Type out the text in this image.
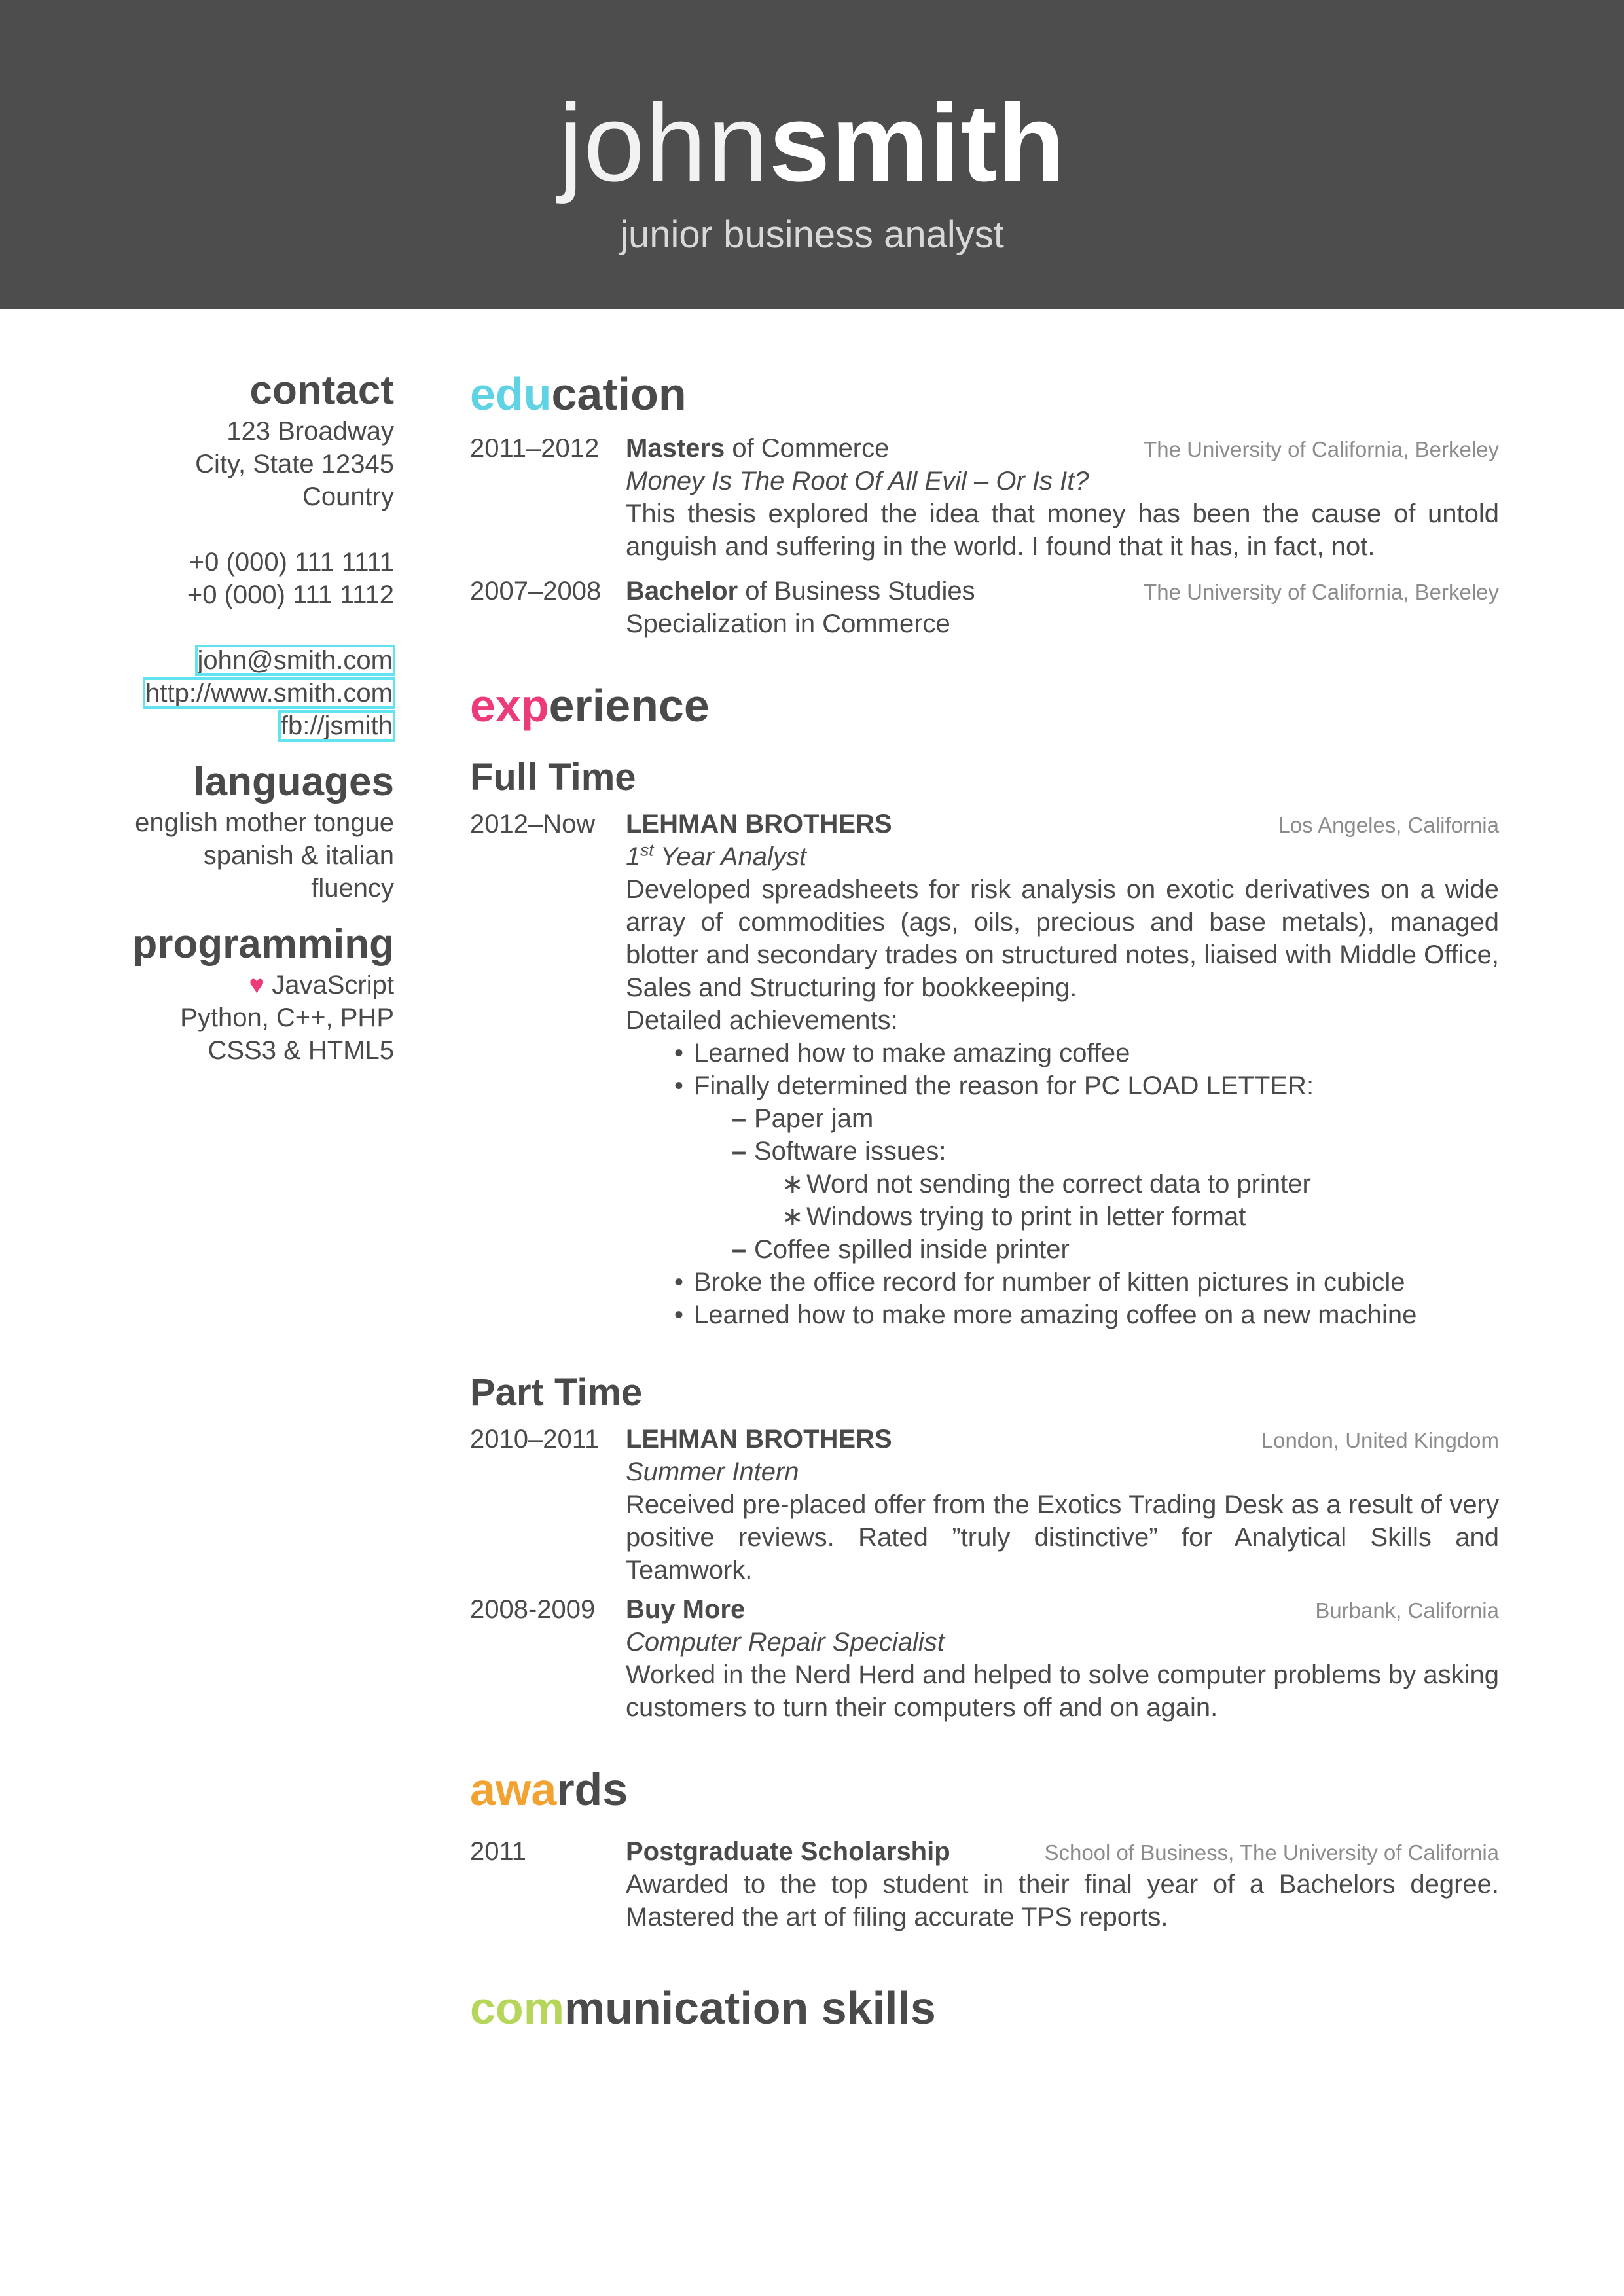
johnsmith
junior business analyst
contact
123 Broadway
City, State 12345
Country
+0 (000) 111 1111
+0 (000) 111 1112
john@smith.com
http://www.smith.com
fb://jsmith
languages
english mother tongue
spanish & italian
fluency
programming
♥ JavaScript
Python, C++, PHP
CSS3 & HTML5
education
2011–2012	Masters of Commerce	The University of California, Berkeley
Money Is The Root Of All Evil – Or Is It?
This thesis explored the idea that money has been the cause of untold anguish and suffering in the world. I found that it has, in fact, not.
2007–2008 Bachelor of Business Studies	The University of California, Berkeley
Specialization in Commerce
experience
Full Time
2012–Now	LEHMAN BROTHERS	Los Angeles, California
1st Year Analyst
Developed spreadsheets for risk analysis on exotic derivatives on a wide array of commodities (ags, oils, precious and base metals), managed blotter and secondary trades on structured notes, liaised with Middle Office, Sales and Structuring for bookkeeping.
Detailed achievements:
• Learned how to make amazing coffee
• Finally determined the reason for PC LOAD LETTER:
– Paper jam
– Software issues:
∗ Word not sending the correct data to printer
∗ Windows trying to print in letter format
– Coffee spilled inside printer
• Broke the office record for number of kitten pictures in cubicle
• Learned how to make more amazing coffee on a new machine
Part Time
2010–2011	LEHMAN BROTHERS	London, United Kingdom
Summer Intern
Received pre-placed offer from the Exotics Trading Desk as a result of very positive reviews. Rated ”truly distinctive” for Analytical Skills and Teamwork.
2008-2009	Buy More	Burbank, California
Computer Repair Specialist
Worked in the Nerd Herd and helped to solve computer problems by asking customers to turn their computers off and on again.
awards
2011	Postgraduate Scholarship	School of Business, The University of California
Awarded to the top student in their final year of a Bachelors degree. Mastered the art of filing accurate TPS reports.
communication skills
